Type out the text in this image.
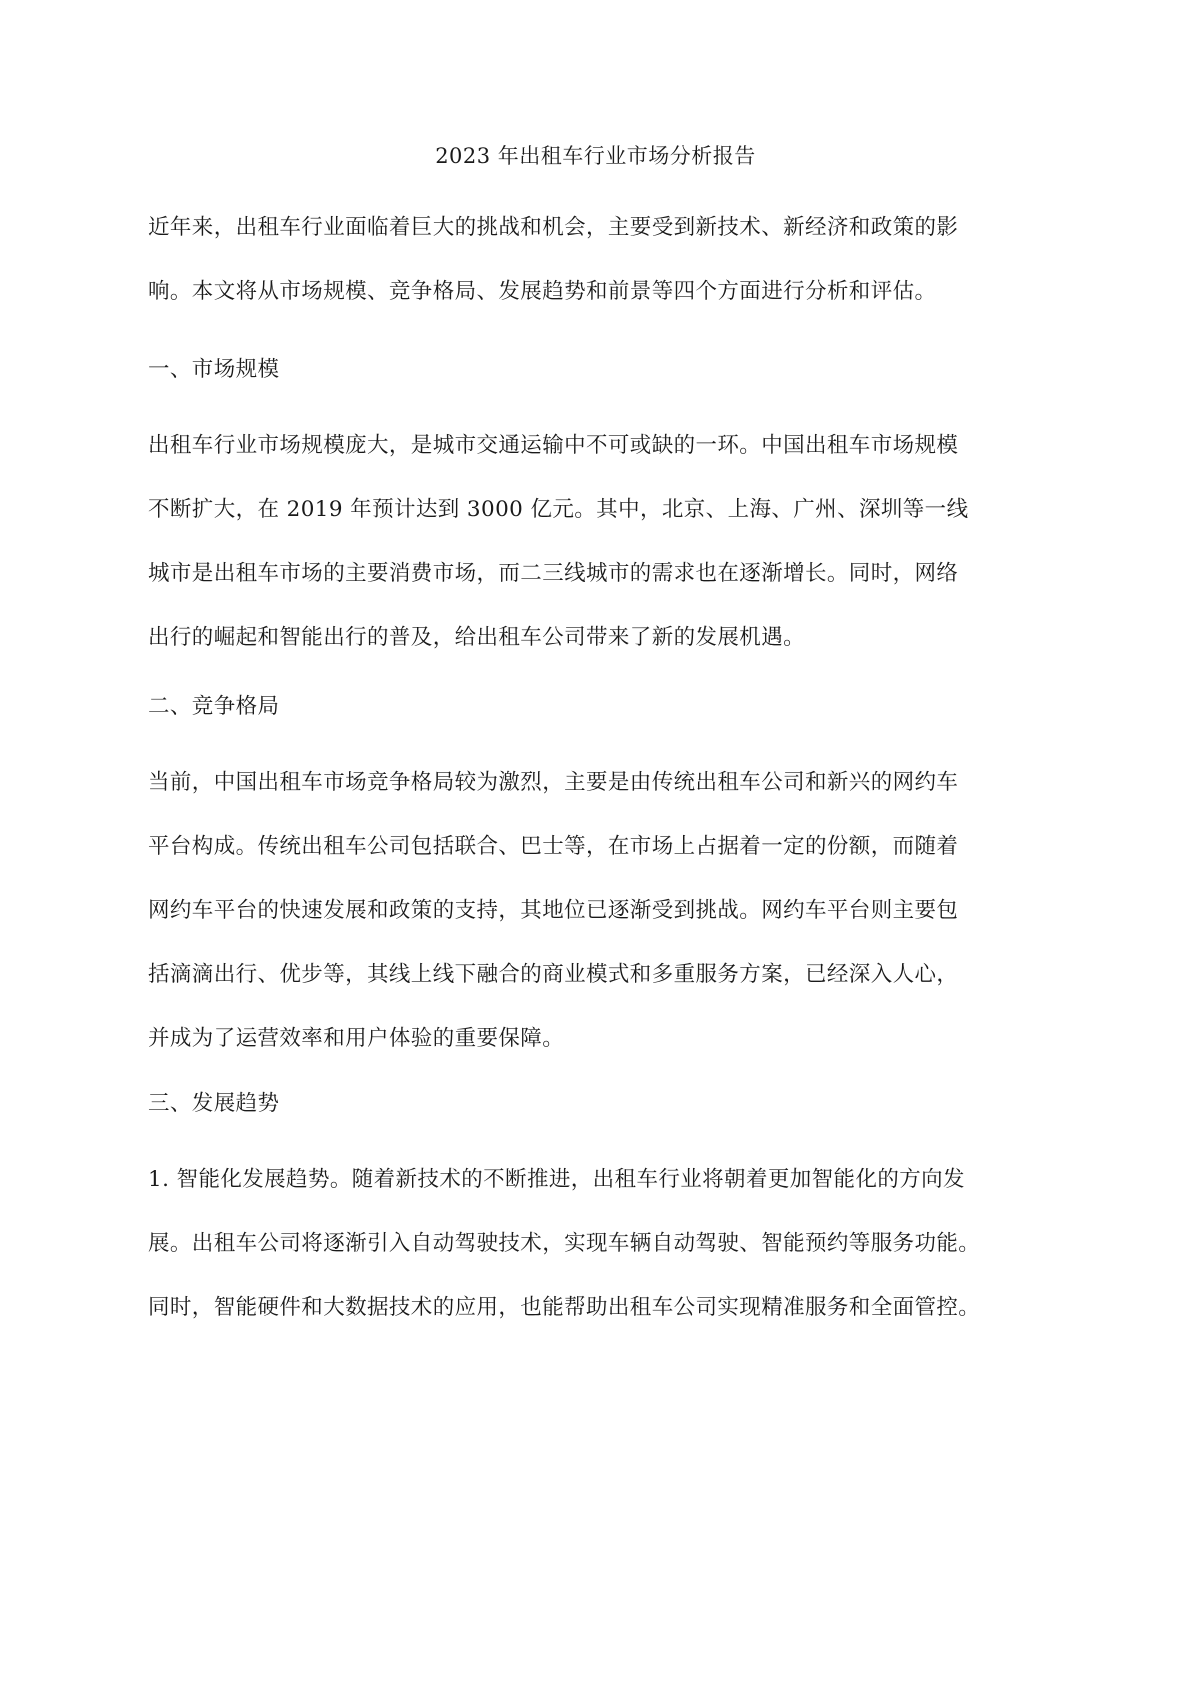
2023 年出租车行业市场分析报告
近年来，出租车行业面临着巨大的挑战和机会，主要受到新技术、新经济和政策的影
响。本文将从市场规模、竞争格局、发展趋势和前景等四个方面进行分析和评估。
一、市场规模
出租车行业市场规模庞大，是城市交通运输中不可或缺的一环。中国出租车市场规模
不断扩大，在 2019 年预计达到 3000 亿元。其中，北京、上海、广州、深圳等一线
城市是出租车市场的主要消费市场，而二三线城市的需求也在逐渐增长。同时，网络
出行的崛起和智能出行的普及，给出租车公司带来了新的发展机遇。
二、竞争格局
当前，中国出租车市场竞争格局较为激烈，主要是由传统出租车公司和新兴的网约车
平台构成。传统出租车公司包括联合、巴士等，在市场上占据着一定的份额，而随着
网约车平台的快速发展和政策的支持，其地位已逐渐受到挑战。网约车平台则主要包
括滴滴出行、优步等，其线上线下融合的商业模式和多重服务方案，已经深入人心，
并成为了运营效率和用户体验的重要保障。
三、发展趋势
1. 智能化发展趋势。随着新技术的不断推进，出租车行业将朝着更加智能化的方向发
展。出租车公司将逐渐引入自动驾驶技术，实现车辆自动驾驶、智能预约等服务功能。
同时，智能硬件和大数据技术的应用，也能帮助出租车公司实现精准服务和全面管控。
